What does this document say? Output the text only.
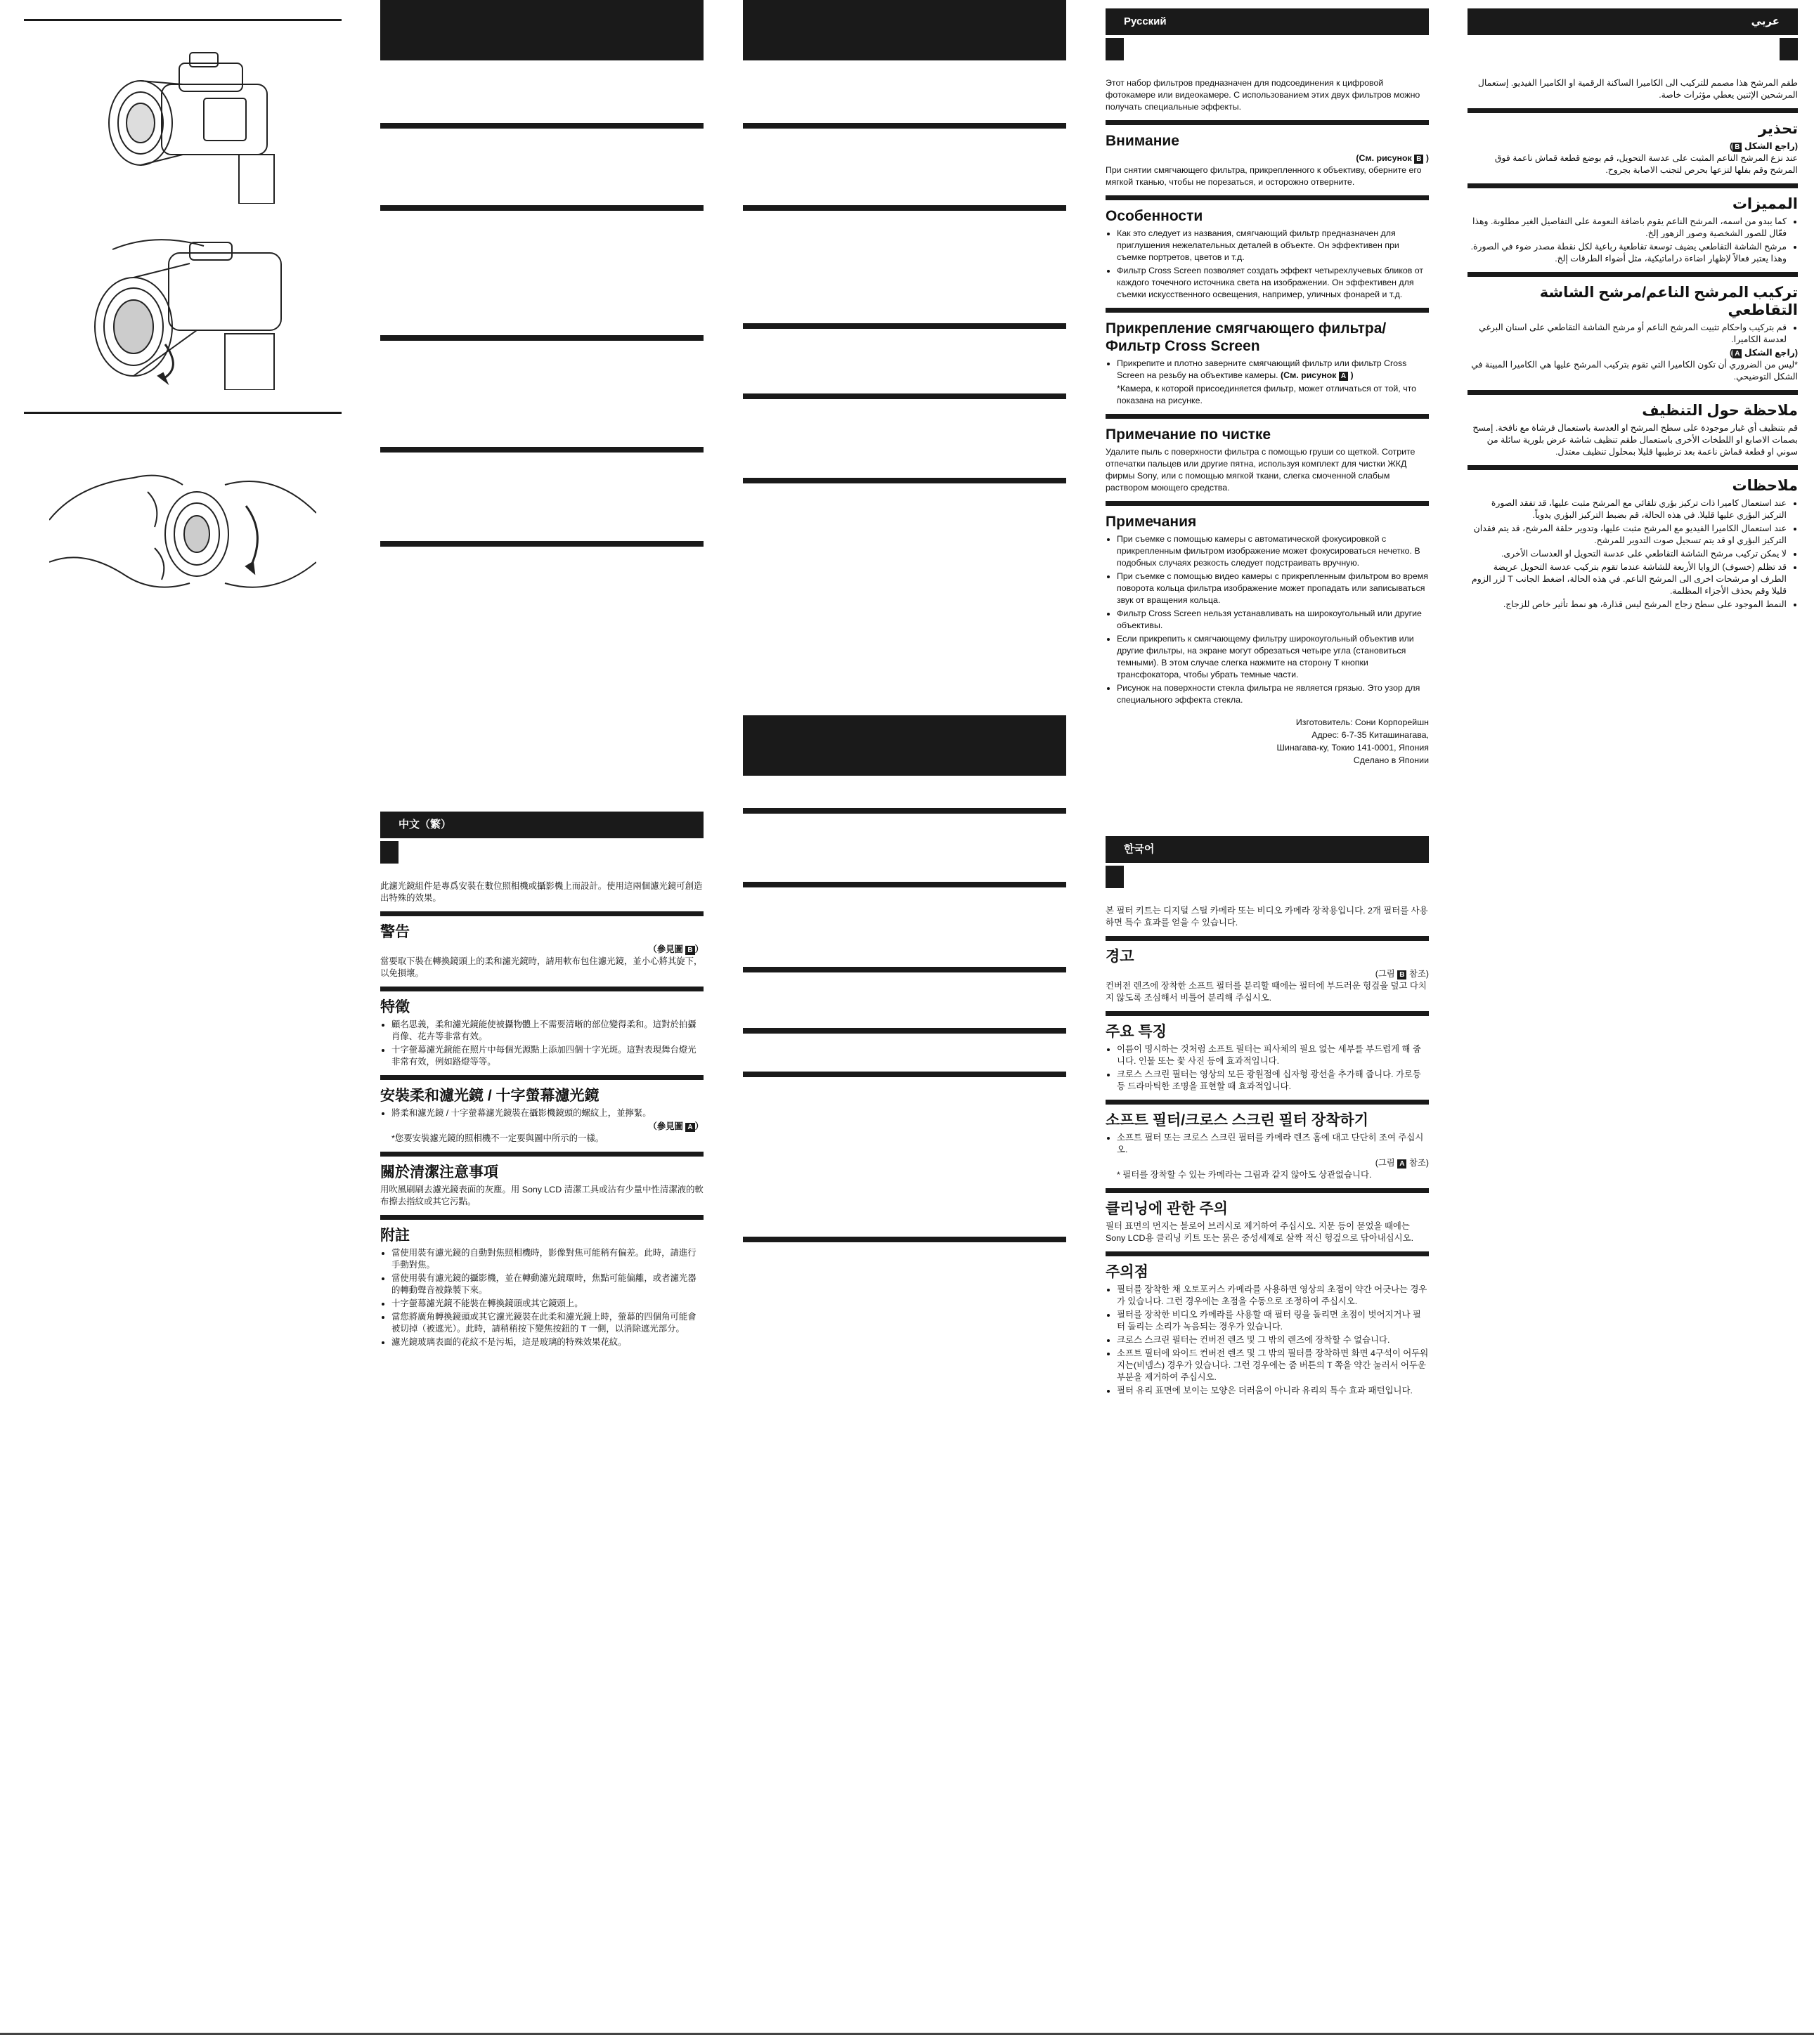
中文（繁）

此濾光鏡組件是專爲安裝在數位照相機或攝影機上而設計。使用這兩個濾光鏡可創造出特殊的效果。

警告
（參見圖 B ）

當要取下裝在轉換鏡頭上的柔和濾光鏡時，請用軟布包住濾光鏡，並小心將其旋下，以免損壞。

特徵
• 顧名思義，柔和濾光鏡能使被攝物體上不需要清晰的部位變得柔和。這對於拍攝肖像、花卉等非常有效。
• 十字螢幕濾光鏡能在照片中每個光源點上添加四個十字光斑。這對表現舞台燈光非常有效，例如路燈等等。
安裝柔和濾光鏡 / 十字螢幕濾光鏡
• 將柔和濾光鏡 / 十字螢幕濾光鏡裝在攝影機鏡頭的螺紋上，並擰緊。
（參見圖 A ）

*您要安裝濾光鏡的照相機不一定要與圖中所示的一樣。

關於清潔注意事項

用吹風刷刷去濾光鏡表面的灰塵。用 Sony LCD 清潔工具或沾有少量中性清潔液的軟布擦去指紋或其它污點。

附註
• 當使用裝有濾光鏡的自動對焦照相機時，影像對焦可能稍有偏差。此時，請進行手動對焦。
• 當使用裝有濾光鏡的攝影機，並在轉動濾光鏡環時，焦點可能偏離，或者濾光器的轉動聲音被錄製下來。
• 十字螢幕濾光鏡不能裝在轉換鏡頭或其它鏡頭上。
• 當您將廣角轉換鏡頭或其它濾光鏡裝在此柔和濾光鏡上時，螢幕的四個角可能會被切掉（被遮光）。此時，請稍稍按下變焦按鈕的 T 一側，以消除遮光部分。
• 濾光鏡玻璃表面的花紋不是污垢，這是玻璃的特殊效果花紋。
Русский

Этот набор фильтров предназначен для подсоединения к цифровой фотокамере или видеокамере. С использованием этих двух фильтров можно получать специальные эффекты.

Внимание
(См. рисунок B )

При снятии смягчающего фильтра, прикрепленного к объективу, оберните его мягкой тканью, чтобы не порезаться, и осторожно отверните.

Особенности
• Как это следует из названия, смягчающий фильтр предназначен для приглушения нежелательных деталей в объекте. Он эффективен при съемке портретов, цветов и т.д.
• Фильтр Cross Screen позволяет создать эффект четырехлучевых бликов от каждого точечного источника света на изображении. Он эффективен для съемки искусственного освещения, например, уличных фонарей и т.д.
Прикрепление смягчающего фильтра/Фильтр Cross Screen
• Прикрепите и плотно заверните смягчающий фильтр или фильтр Cross Screen на резьбу на объективе камеры. (См. рисунок A )

*Камера, к которой присоединяется фильтр, может отличаться от той, что показана на рисунке.

Примечание по чистке

Удалите пыль с поверхности фильтра с помощью груши со щеткой. Сотрите отпечатки пальцев или другие пятна, используя комплект для чистки ЖКД фирмы Sony, или с помощью мягкой ткани, слегка смоченной слабым раствором моющего средства.

Примечания
• При съемке с помощью камеры с автоматической фокусировкой с прикрепленным фильтром изображение может фокусироваться нечетко. В подобных случаях резкость следует подстраивать вручную.
• При съемке с помощью видео камеры с прикрепленным фильтром во время поворота кольца фильтра изображение может пропадать или записываться звук от вращения кольца.
• Фильтр Cross Screen нельзя устанавливать на широкоугольный или другие объективы.
• Если прикрепить к смягчающему фильтру широкоугольный объектив или другие фильтры, на экране могут обрезаться четыре угла (становиться темными). В этом случае слегка нажмите на сторону T кнопки трансфокатора, чтобы убрать темные части.
• Рисунок на поверхности стекла фильтра не является грязью. Это узор для специального эффекта стекла.
Изготовитель: Сони Корпорейшн
Адрес: 6-7-35 Киташинагава,
Шинагава-ку, Токио 141-0001, Япония
Сделано в Японии
한국어

본 필터 키트는 디지털 스틸 카메라 또는 비디오 카메라 장착용입니다. 2개 필터를 사용하면 특수 효과를 얻을 수 있습니다.

경고
(그림 B 참조)

컨버전 렌즈에 장착한 소프트 필터를 분리할 때에는 필터에 부드러운 헝겊을 덮고 다치지 않도록 조심해서 비틀어 분리해 주십시오.

주요 특징
• 이름이 명시하는 것처럼 소프트 필터는 피사체의 필요 없는 세부를 부드럽게 해 줍니다. 인물 또는 꽃 사진 등에 효과적입니다.
• 크로스 스크린 필터는 영상의 모든 광원점에 십자형 광선을 추가해 줍니다. 가로등 등 드라마틱한 조명을 표현할 때 효과적입니다.
소프트 필터/크로스 스크린 필터 장착하기
• 소프트 필터 또는 크로스 스크린 필터를 카메라 렌즈 홈에 대고 단단히 조여 주십시오.
(그림 A 참조)

* 필터를 장착할 수 있는 카메라는 그림과 같지 않아도 상관없습니다.

클리닝에 관한 주의

필터 표면의 먼지는 블로어 브러시로 제거하여 주십시오. 지문 등이 묻었을 때에는 Sony LCD용 클리닝 키트 또는 묽은 중성세제로 살짝 적신 헝겊으로 닦아내십시오.

주의점
• 필터를 장착한 채 오토포커스 카메라를 사용하면 영상의 초점이 약간 어긋나는 경우가 있습니다. 그런 경우에는 초점을 수동으로 조정하여 주십시오.
• 필터를 장착한 비디오 카메라를 사용할 때 필터 링을 돌리면 초점이 벗어지거나 필터 돌리는 소리가 녹음되는 경우가 있습니다.
• 크로스 스크린 필터는 컨버전 렌즈 및 그 밖의 렌즈에 장착할 수 없습니다.
• 소프트 필터에 와이드 컨버전 렌즈 및 그 밖의 필터를 장착하면 화면 4구석이 어두워지는(비넴스) 경우가 있습니다. 그런 경우에는 줌 버튼의 T 쪽을 약간 눌러서 어두운 부분을 제거하여 주십시오.
• 필터 유리 표면에 보이는 모양은 더러움이 아니라 유리의 특수 효과 패턴입니다.
عربي

طقم المرشح هذا مصمم للتركيب الى الكاميرا الساكنة الرقمية او الكاميرا الفيديو. إستعمال المرشحين الإثنين يعطي مؤثرات خاصة.

تحذير
(راجع الشكل B)

عند نزع المرشح الناعم المثبت على عدسة التحويل، قم بوضع قطعة قماش ناعمة فوق المرشح وقم بفلها لتزعها بحرص لتجنب الاصابة بجروح.

المميزات
• كما يبدو من اسمه، المرشح الناعم يقوم باضافة النعومة على التفاصيل الغير مطلوبة. وهذا فعّال للصور الشخصية وصور الزهور إلخ.
• مرشح الشاشة التقاطعي يضيف توسعة تقاطعية رباعية لكل نقطة مصدر ضوء في الصورة. وهذا يعتبر فعالاً لإظهار اضاءة دراماتيكية، مثل أضواء الطرقات إلخ.
تركيب المرشح الناعم/مرشح الشاشة التقاطعي
• قم بتركيب واحكام تثبيت المرشح الناعم أو مرشح الشاشة التقاطعي على اسنان البرغي لعدسة الكاميرا.
(راجع الشكل A)

*ليس من الضروري أن تكون الكاميرا التي تقوم بتركيب المرشح عليها هي الكاميرا المبينة في الشكل التوضيحي.

ملاحظة حول التنظيف

قم بتنظيف أي غبار موجودة على سطح المرشح او العدسة باستعمال فرشاة مع نافخة. إمسح بصمات الاصابع او اللطخات الأخرى باستعمال طقم تنظيف شاشة عرض بلورية سائلة من سوني او قطعة قماش ناعمة بعد ترطيبها قليلا بمحلول تنظيف معتدل.

ملاحظات
• عند استعمال كاميرا ذات تركيز بؤري تلقائي مع المرشح مثبت عليها، قد تفقد الصورة التركيز البؤري عليها قليلا. في هذه الحالة، قم بضبط التركيز البؤري يدوياً.
• عند استعمال الكاميرا الفيديو مع المرشح مثبت عليها، وتدوير حلقة المرشح، قد يتم فقدان التركيز البؤري او قد يتم تسجيل صوت التدوير للمرشح.
• لا يمكن تركيب مرشح الشاشة التقاطعي على عدسة التحويل او العدسات الأخرى.
• قد تظلم (خسوف) الزوايا الأربعة للشاشة عندما تقوم بتركيب عدسة التحويل عريضة الطرف او مرشحات اخرى الى المرشح الناعم. في هذه الحالة، اضغط الجانب T لزر الزوم قليلا وقم بحذف الأجزاء المظلمة.
• النمط الموجود على سطح زجاج المرشح ليس قذارة، هو نمط تأثير خاص للزجاج.
